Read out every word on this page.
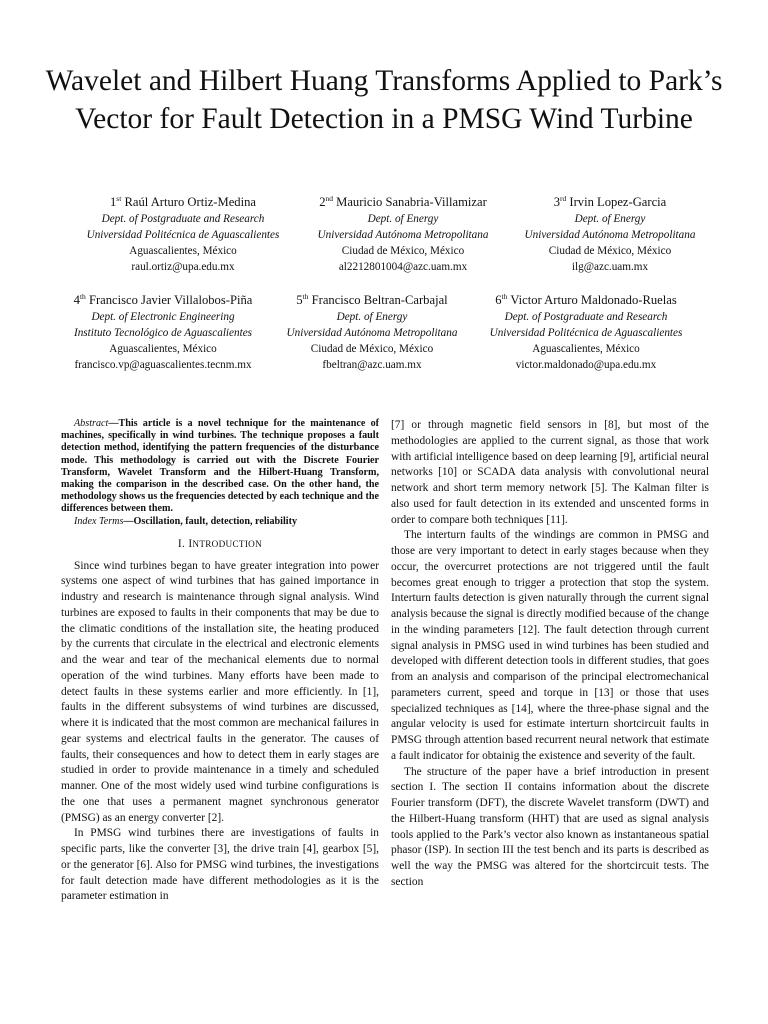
Wavelet and Hilbert Huang Transforms Applied to Park’s Vector for Fault Detection in a PMSG Wind Turbine
1st Raúl Arturo Ortiz-Medina
Dept. of Postgraduate and Research
Universidad Politécnica de Aguascalientes
Aguascalientes, México
raul.ortiz@upa.edu.mx
2nd Mauricio Sanabria-Villamizar
Dept. of Energy
Universidad Autónoma Metropolitana
Ciudad de México, México
al2212801004@azc.uam.mx
3rd Irvin Lopez-Garcia
Dept. of Energy
Universidad Autónoma Metropolitana
Ciudad de México, México
ilg@azc.uam.mx
4th Francisco Javier Villalobos-Piña
Dept. of Electronic Engineering
Instituto Tecnológico de Aguascalientes
Aguascalientes, México
francisco.vp@aguascalientes.tecnm.mx
5th Francisco Beltran-Carbajal
Dept. of Energy
Universidad Autónoma Metropolitana
Ciudad de México, México
fbeltran@azc.uam.mx
6th Victor Arturo Maldonado-Ruelas
Dept. of Postgraduate and Research
Universidad Politécnica de Aguascalientes
Aguascalientes, México
victor.maldonado@upa.edu.mx

Abstract—This article is a novel technique for the maintenance of machines, specifically in wind turbines. The technique proposes a fault detection method, identifying the pattern frequencies of the disturbance mode. This methodology is carried out with the Discrete Fourier Transform, Wavelet Transform and the Hilbert-Huang Transform, making the comparison in the described case. On the other hand, the methodology shows us the frequencies detected by each technique and the differences between them.

Index Terms—Oscillation, fault, detection, reliability

I. INTRODUCTION

Since wind turbines began to have greater integration into power systems one aspect of wind turbines that has gained importance in industry and research is maintenance through signal analysis. Wind turbines are exposed to faults in their components that may be due to the climatic conditions of the installation site, the heating produced by the currents that circulate in the electrical and electronic elements and the wear and tear of the mechanical elements due to normal operation of the wind turbines. Many efforts have been made to detect faults in these systems earlier and more efficiently. In [1], faults in the different subsystems of wind turbines are discussed, where it is indicated that the most common are mechanical failures in gear systems and electrical faults in the generator. The causes of faults, their consequences and how to detect them in early stages are studied in order to provide maintenance in a timely and scheduled manner. One of the most widely used wind turbine configurations is the one that uses a permanent magnet synchronous generator (PMSG) as an energy converter [2].

In PMSG wind turbines there are investigations of faults in specific parts, like the converter [3], the drive train [4], gearbox [5], or the generator [6]. Also for PMSG wind turbines, the investigations for fault detection made have different methodologies as it is the parameter estimation in

[7] or through magnetic field sensors in [8], but most of the methodologies are applied to the current signal, as those that work with artificial intelligence based on deep learning [9], artificial neural networks [10] or SCADA data analysis with convolutional neural network and short term memory network [5]. The Kalman filter is also used for fault detection in its extended and unscented forms in order to compare both techniques [11].

The interturn faults of the windings are common in PMSG and those are very important to detect in early stages because when they occur, the overcurret protections are not triggered until the fault becomes great enough to trigger a protection that stop the system. Interturn faults detection is given naturally through the current signal analysis because the signal is directly modified because of the change in the winding parameters [12]. The fault detection through current signal analysis in PMSG used in wind turbines has been studied and developed with different detection tools in different studies, that goes from an analysis and comparison of the principal electromechanical parameters current, speed and torque in [13] or those that uses specialized techniques as [14], where the three-phase signal and the angular velocity is used for estimate interturn shortcircuit faults in PMSG through attention based recurrent neural network that estimate a fault indicator for obtainig the existence and severity of the fault.

The structure of the paper have a brief introduction in present section I. The section II contains information about the discrete Fourier transform (DFT), the discrete Wavelet transform (DWT) and the Hilbert-Huang transform (HHT) that are used as signal analysis tools applied to the Park’s vector also known as instantaneous spatial phasor (ISP). In section III the test bench and its parts is described as well the way the PMSG was altered for the shortcircuit tests. The section
